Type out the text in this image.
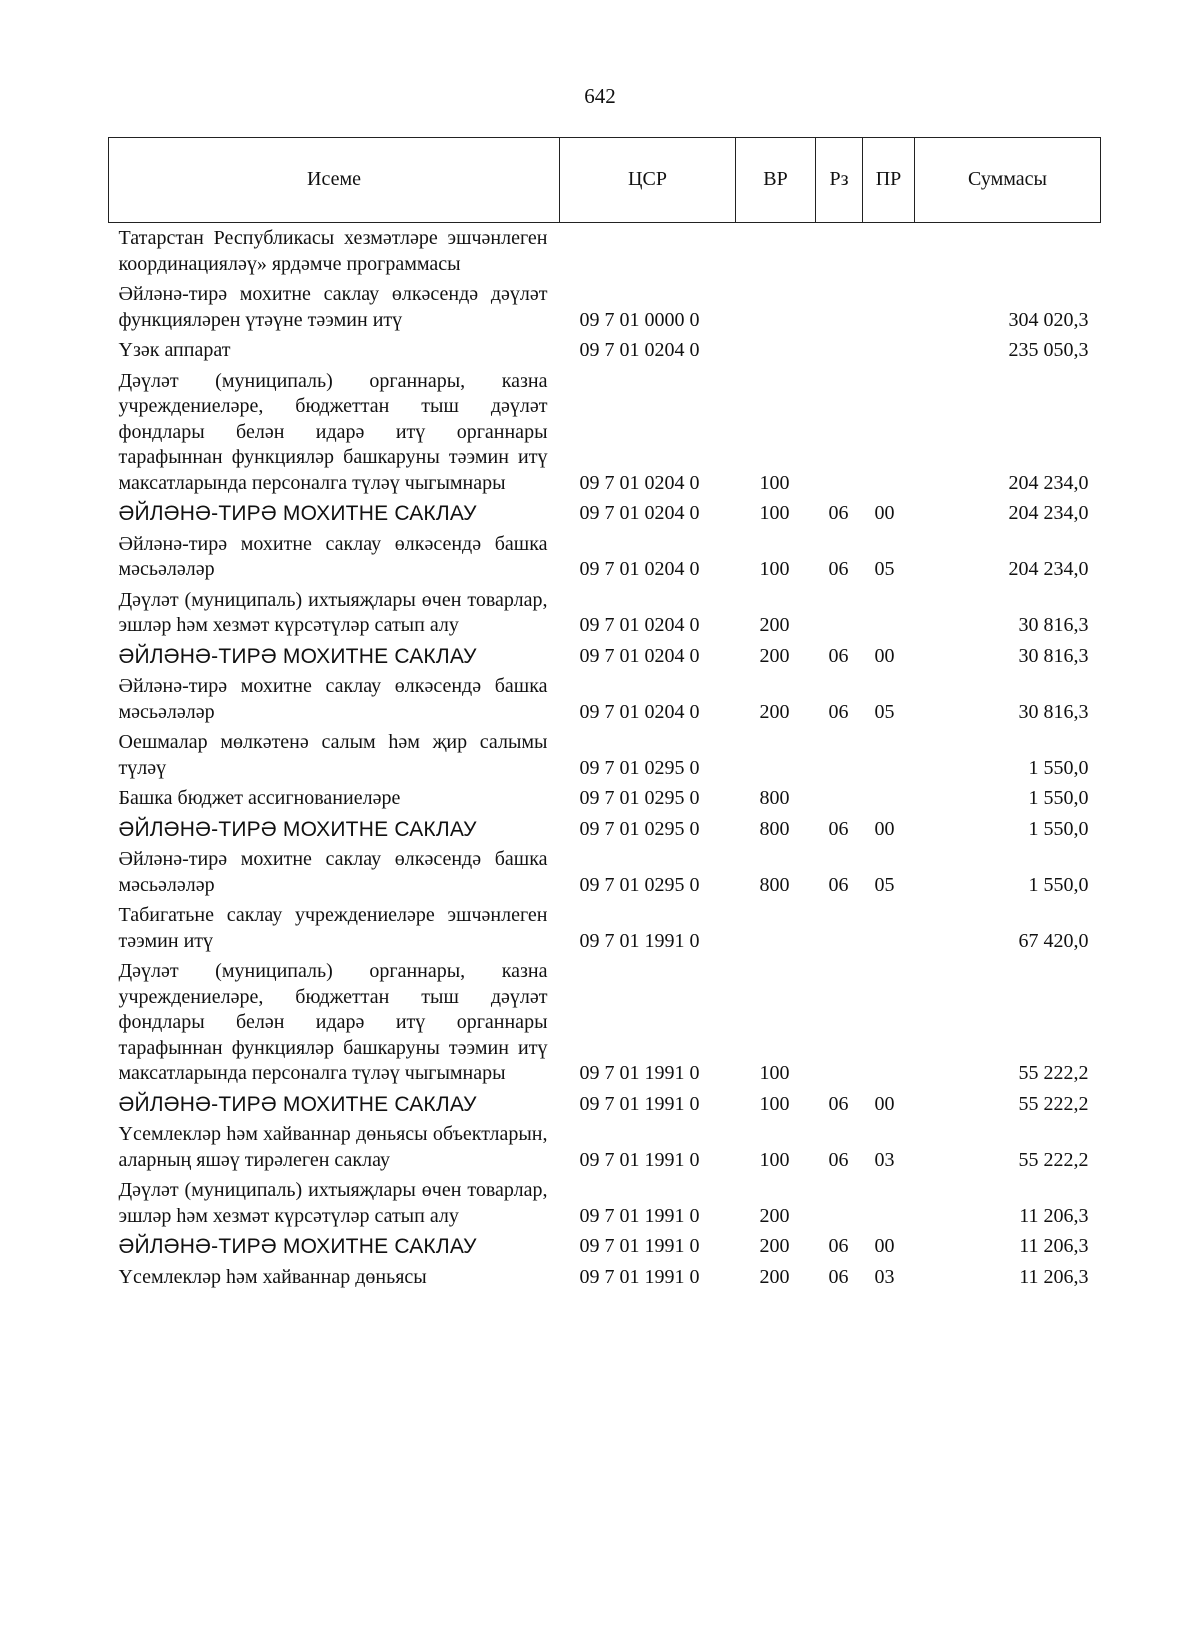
642
Исеме	ЦСР	ВР	Рз	ПР	Суммасы
Татарстан Республикасы хезмәтләре эшчәнлеген координацияләү» ярдәмче программасы					
Әйләнә-тирә мохитне саклау өлкәсендә дәүләт функцияләрен үтәүне тәэмин итү	09 7 01 0000 0				304 020,3
Үзәк аппарат	09 7 01 0204 0				235 050,3
Дәүләт (муниципаль) органнары, казна учреждениеләре, бюджеттан тыш дәүләт фондлары белән идарә итү органнары тарафыннан функцияләр башкаруны тәэмин итү максатларында персоналга түләү чыгымнары	09 7 01 0204 0	100			204 234,0
ӘЙЛӘНӘ-ТИРӘ МОХИТНЕ САКЛАУ	09 7 01 0204 0	100	06	00	204 234,0
Әйләнә-тирә мохитне саклау өлкәсендә башка мәсьәләләр	09 7 01 0204 0	100	06	05	204 234,0
Дәүләт (муниципаль) ихтыяҗлары өчен товарлар, эшләр һәм хезмәт күрсәтүләр сатып алу	09 7 01 0204 0	200			30 816,3
ӘЙЛӘНӘ-ТИРӘ МОХИТНЕ САКЛАУ	09 7 01 0204 0	200	06	00	30 816,3
Әйләнә-тирә мохитне саклау өлкәсендә башка мәсьәләләр	09 7 01 0204 0	200	06	05	30 816,3
Оешмалар мөлкәтенә салым һәм җир салымы түләү	09 7 01 0295 0				1 550,0
Башка бюджет ассигнованиеләре	09 7 01 0295 0	800			1 550,0
ӘЙЛӘНӘ-ТИРӘ МОХИТНЕ САКЛАУ	09 7 01 0295 0	800	06	00	1 550,0
Әйләнә-тирә мохитне саклау өлкәсендә башка мәсьәләләр	09 7 01 0295 0	800	06	05	1 550,0
Табигатьне саклау учреждениеләре эшчәнлеген тәэмин итү	09 7 01 1991 0				67 420,0
Дәүләт (муниципаль) органнары, казна учреждениеләре, бюджеттан тыш дәүләт фондлары белән идарә итү органнары тарафыннан функцияләр башкаруны тәэмин итү максатларында персоналга түләү чыгымнары	09 7 01 1991 0	100			55 222,2
ӘЙЛӘНӘ-ТИРӘ МОХИТНЕ САКЛАУ	09 7 01 1991 0	100	06	00	55 222,2
Үсемлекләр һәм хайваннар дөньясы объектларын, аларның яшәү тирәлеген саклау	09 7 01 1991 0	100	06	03	55 222,2
Дәүләт (муниципаль) ихтыяҗлары өчен товарлар, эшләр һәм хезмәт күрсәтүләр сатып алу	09 7 01 1991 0	200			11 206,3
ӘЙЛӘНӘ-ТИРӘ МОХИТНЕ САКЛАУ	09 7 01 1991 0	200	06	00	11 206,3
Үсемлекләр һәм хайваннар дөньясы	09 7 01 1991 0	200	06	03	11 206,3
